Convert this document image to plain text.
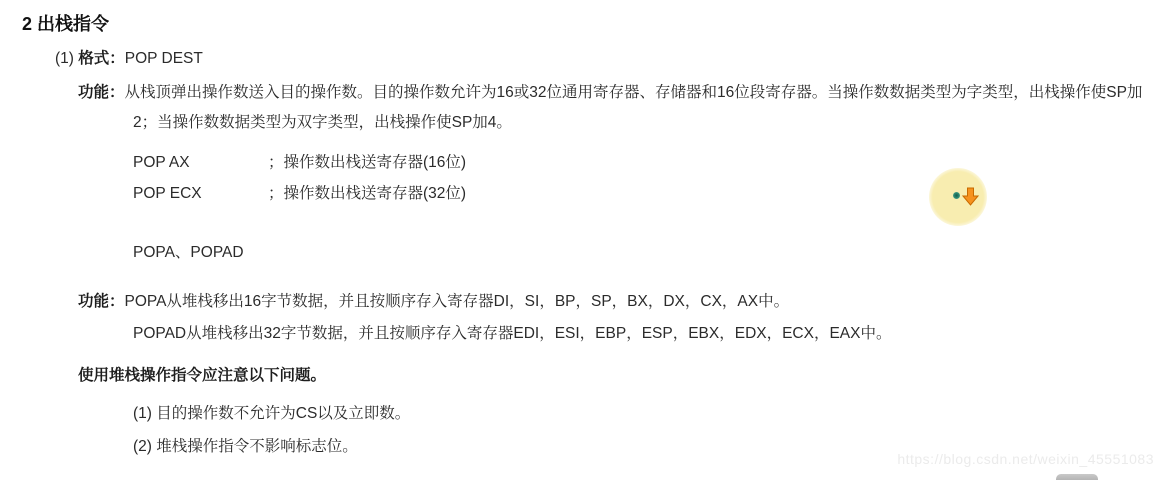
2 出栈指令
(1) 格式：POP DEST
功能：从栈顶弹出操作数送入目的操作数。目的操作数允许为16或32位通用寄存器、存储器和16位段寄存器。当操作数数据类型为字类型，出栈操作使SP加2；当操作数数据类型为双字类型，出栈操作使SP加4。
POP AX	；操作数出栈送寄存器(16位)
POP ECX	；操作数出栈送寄存器(32位)
POPA、POPAD
功能：POPA从堆栈移出16字节数据，并且按顺序存入寄存器DI，SI，BP，SP，BX，DX，CX，AX中。
POPAD从堆栈移出32字节数据，并且按顺序存入寄存器EDI，ESI，EBP，ESP，EBX，EDX，ECX，EAX中。
使用堆栈操作指令应注意以下问题。
(1) 目的操作数不允许为CS以及立即数。
(2) 堆栈操作指令不影响标志位。
https://blog.csdn.net/weixin_45551083
